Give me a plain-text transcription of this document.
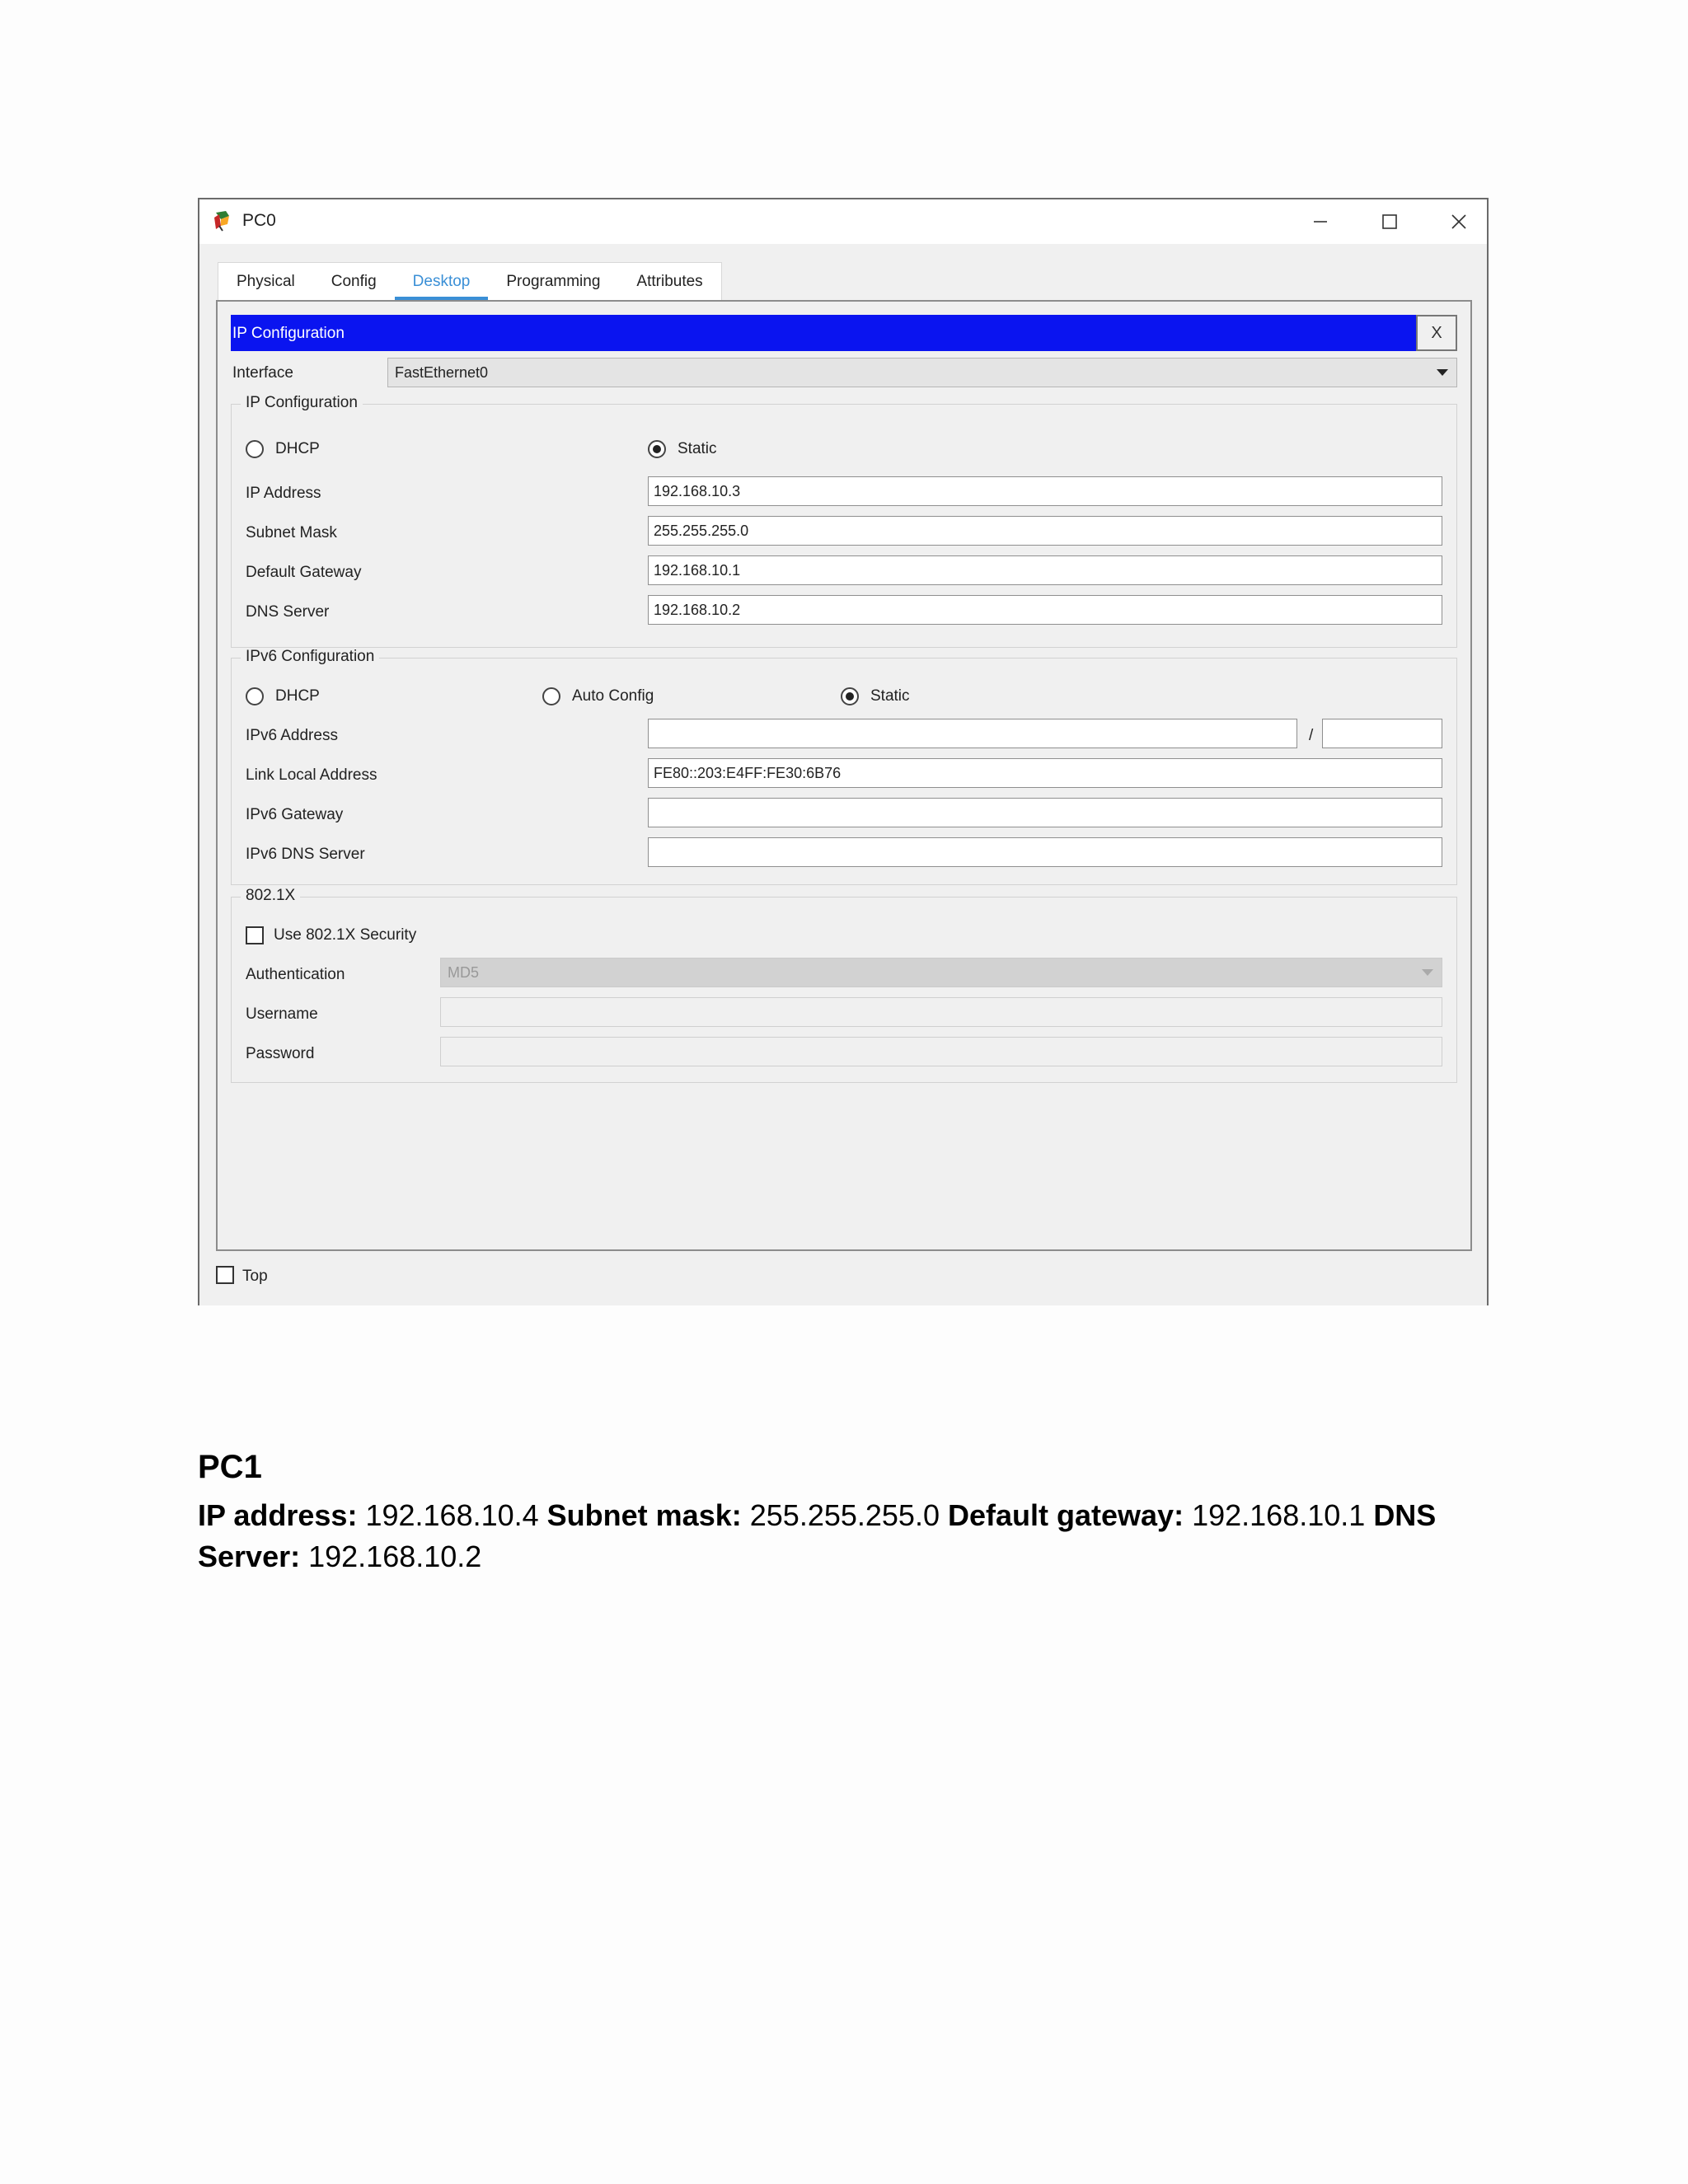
PC0
Physical	Config	Desktop	Programming	Attributes
IP Configuration	X
Interface	FastEthernet0
IP Configuration
DHCP	Static
IP Address	192.168.10.3
Subnet Mask	255.255.255.0
Default Gateway	192.168.10.1
DNS Server	192.168.10.2
IPv6 Configuration
DHCP	Auto Config	Static
IPv6 Address	/
Link Local Address	FE80::203:E4FF:FE30:6B76
IPv6 Gateway
IPv6 DNS Server
802.1X
Use 802.1X Security
Authentication	MD5
Username
Password
Top
PC1
IP address: 192.168.10.4 Subnet mask: 255.255.255.0 Default gateway: 192.168.10.1 DNS Server: 192.168.10.2
